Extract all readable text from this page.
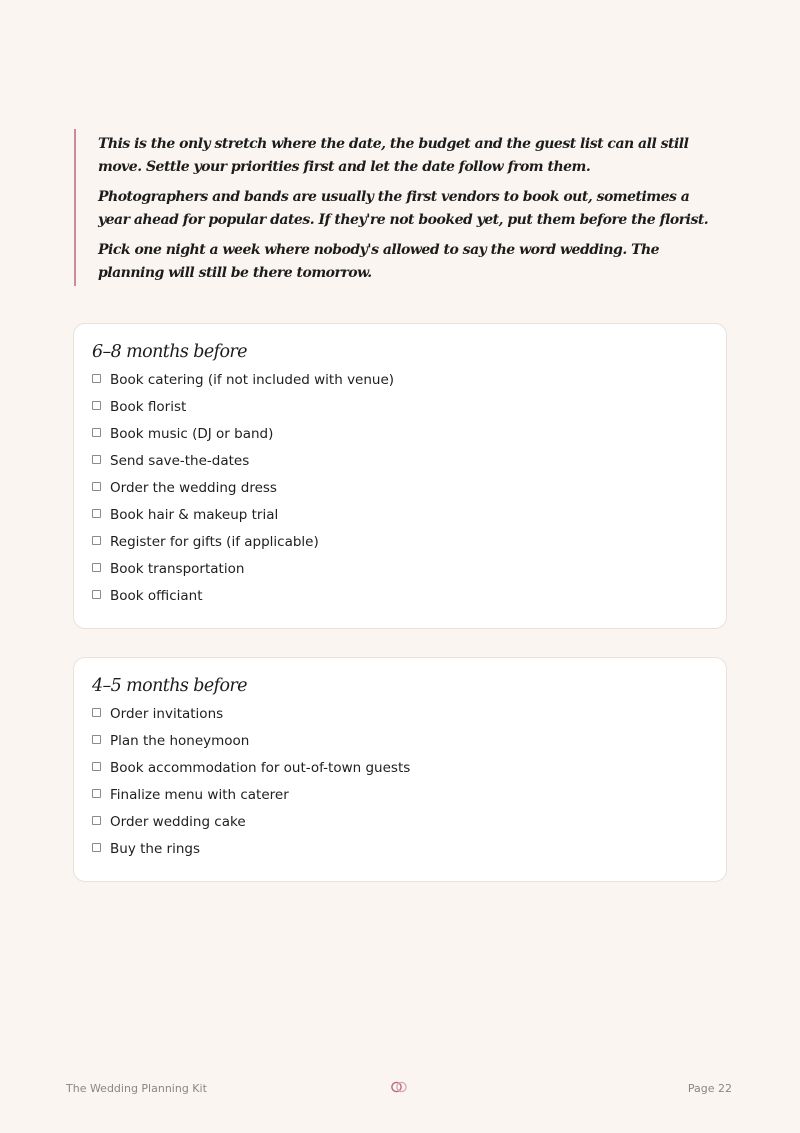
This is the only stretch where the date, the budget and the guest list can all still move. Settle your priorities first and let the date follow from them.

Photographers and bands are usually the first vendors to book out, sometimes a year ahead for popular dates. If they're not booked yet, put them before the florist.

Pick one night a week where nobody's allowed to say the word wedding. The planning will still be there tomorrow.

6–8 months before
Book catering (if not included with venue)
Book florist
Book music (DJ or band)
Send save-the-dates
Order the wedding dress
Book hair & makeup trial
Register for gifts (if applicable)
Book transportation
Book officiant
4–5 months before
Order invitations
Plan the honeymoon
Book accommodation for out-of-town guests
Finalize menu with caterer
Order wedding cake
Buy the rings
The Wedding Planning Kit	Page 22
